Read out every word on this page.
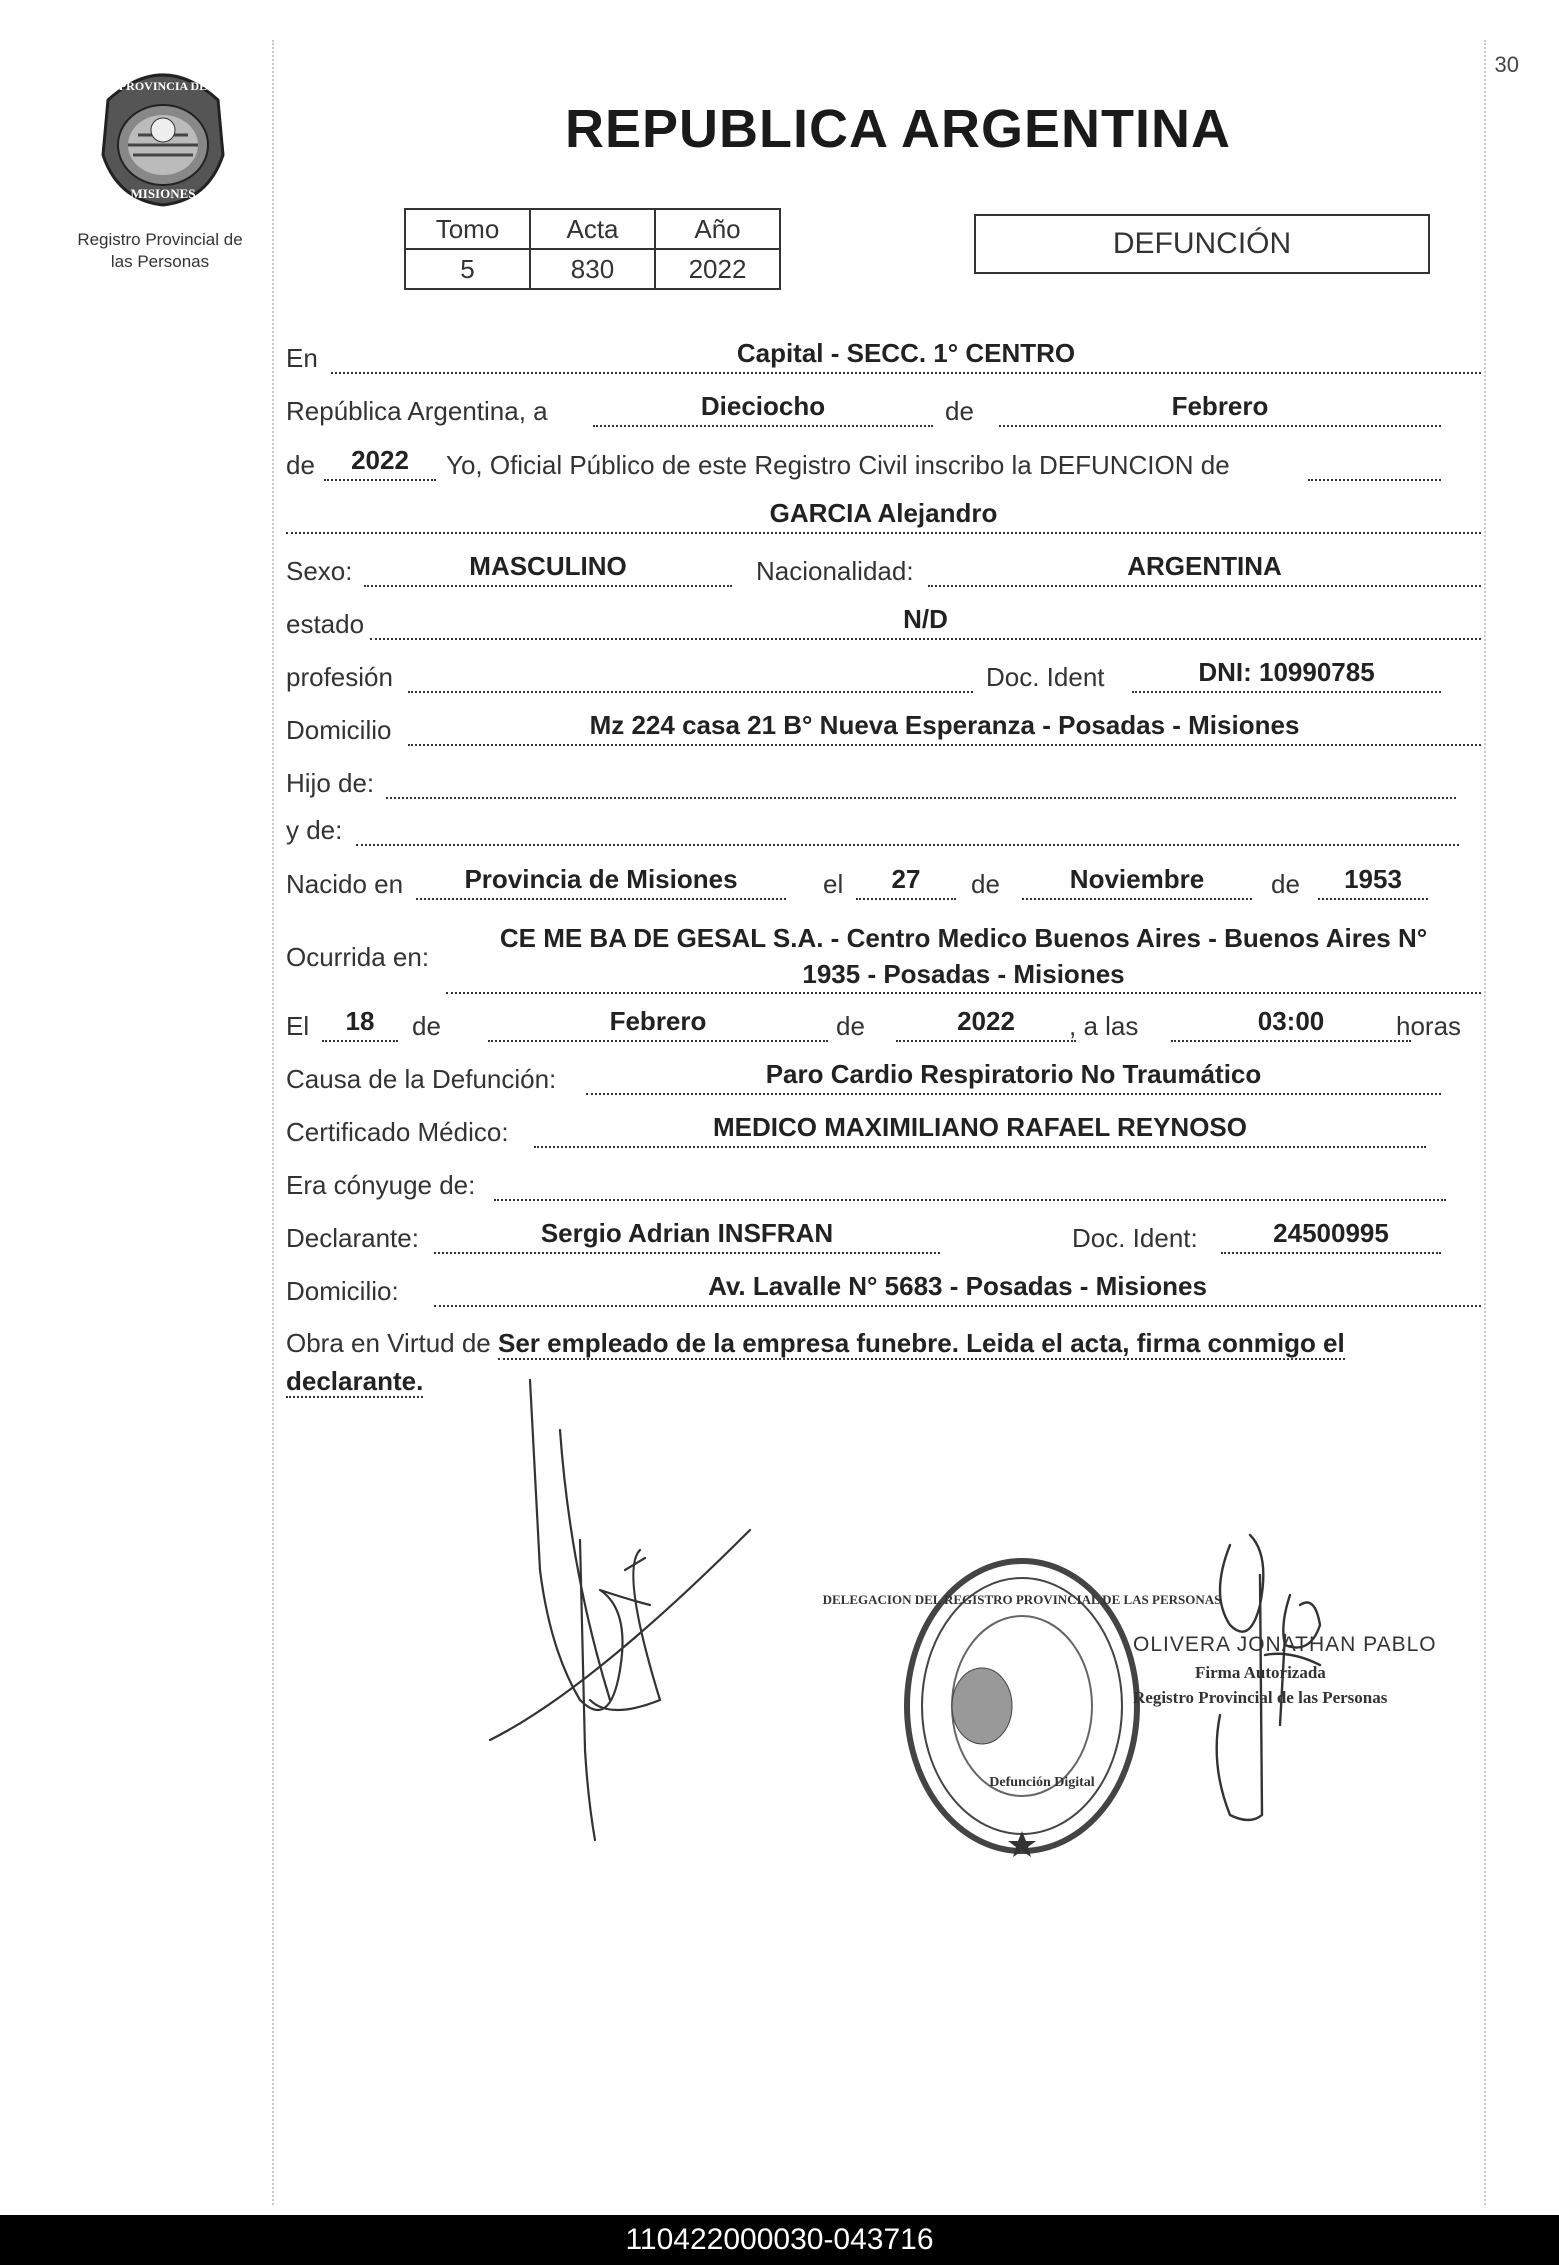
30
PROVINCIA DE
MISIONES
Registro Provincial de
las Personas
REPUBLICA ARGENTINA
Tomo	Acta	Año
5	830	2022
DEFUNCIÓN
En	Capital - SECC. 1° CENTRO
República Argentina, a	Dieciocho	de	Febrero
de	2022	Yo, Oficial Público de este Registro Civil inscribo la DEFUNCION de
GARCIA Alejandro
Sexo:	MASCULINO	Nacionalidad:	ARGENTINA
estado	N/D
profesión	Doc. Ident	DNI: 10990785
Domicilio	Mz 224 casa 21 B° Nueva Esperanza - Posadas - Misiones
Hijo de:
y de:
Nacido en	Provincia de Misiones	el	27	de	Noviembre	de	1953
Ocurrida en:
CE ME BA DE GESAL S.A. - Centro Medico Buenos Aires - Buenos Aires N°
1935 - Posadas - Misiones
El	18	de	Febrero	de	2022	, a las	03:00	horas
Causa de la Defunción:	Paro Cardio Respiratorio No Traumático
Certificado Médico:	MEDICO MAXIMILIANO RAFAEL REYNOSO
Era cónyuge de:
Declarante:	Sergio Adrian INSFRAN	Doc. Ident:	24500995
Domicilio:	Av. Lavalle N° 5683 - Posadas - Misiones
Obra en Virtud de Ser empleado de la empresa funebre. Leida el acta, firma conmigo el
declarante.
DELEGACION DEL REGISTRO PROVINCIAL DE LAS PERSONAS
Defunción Digital
OLIVERA JONATHAN PABLO
Firma Autorizada
Registro Provincial de las Personas
110422000030-043716
